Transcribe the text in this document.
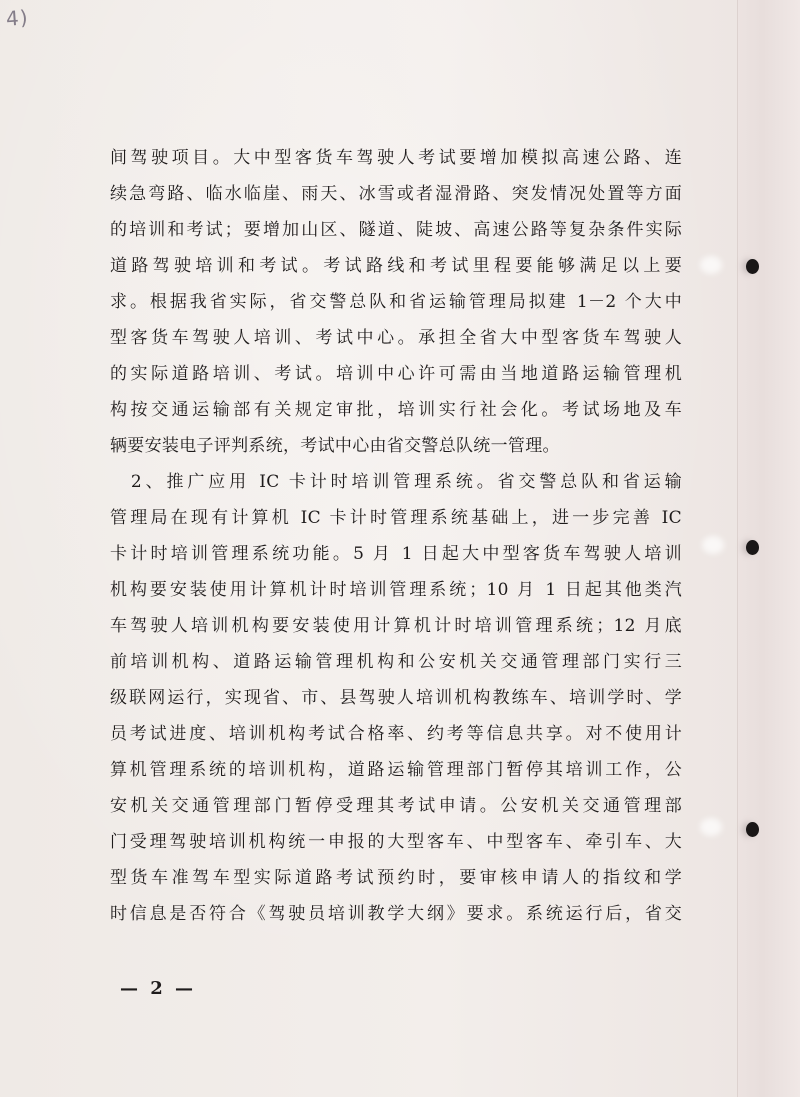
4)
间驾驶项目。大中型客货车驾驶人考试要增加模拟高速公路、连
续急弯路、临水临崖、雨天、冰雪或者湿滑路、突发情况处置等方面
的培训和考试；要增加山区、隧道、陡坡、高速公路等复杂条件实际
道路驾驶培训和考试。考试路线和考试里程要能够满足以上要
求。根据我省实际，省交警总队和省运输管理局拟建 1－2 个大中
型客货车驾驶人培训、考试中心。承担全省大中型客货车驾驶人
的实际道路培训、考试。培训中心许可需由当地道路运输管理机
构按交通运输部有关规定审批，培训实行社会化。考试场地及车
辆要安装电子评判系统，考试中心由省交警总队统一管理。
　2、推广应用 IC 卡计时培训管理系统。省交警总队和省运输
管理局在现有计算机 IC 卡计时管理系统基础上，进一步完善 IC
卡计时培训管理系统功能。5 月 1 日起大中型客货车驾驶人培训
机构要安装使用计算机计时培训管理系统；10 月 1 日起其他类汽
车驾驶人培训机构要安装使用计算机计时培训管理系统；12 月底
前培训机构、道路运输管理机构和公安机关交通管理部门实行三
级联网运行，实现省、市、县驾驶人培训机构教练车、培训学时、学
员考试进度、培训机构考试合格率、约考等信息共享。对不使用计
算机管理系统的培训机构，道路运输管理部门暂停其培训工作，公
安机关交通管理部门暂停受理其考试申请。公安机关交通管理部
门受理驾驶培训机构统一申报的大型客车、中型客车、牵引车、大
型货车准驾车型实际道路考试预约时，要审核申请人的指纹和学
时信息是否符合《驾驶员培训教学大纲》要求。系统运行后，省交
— 2 —
